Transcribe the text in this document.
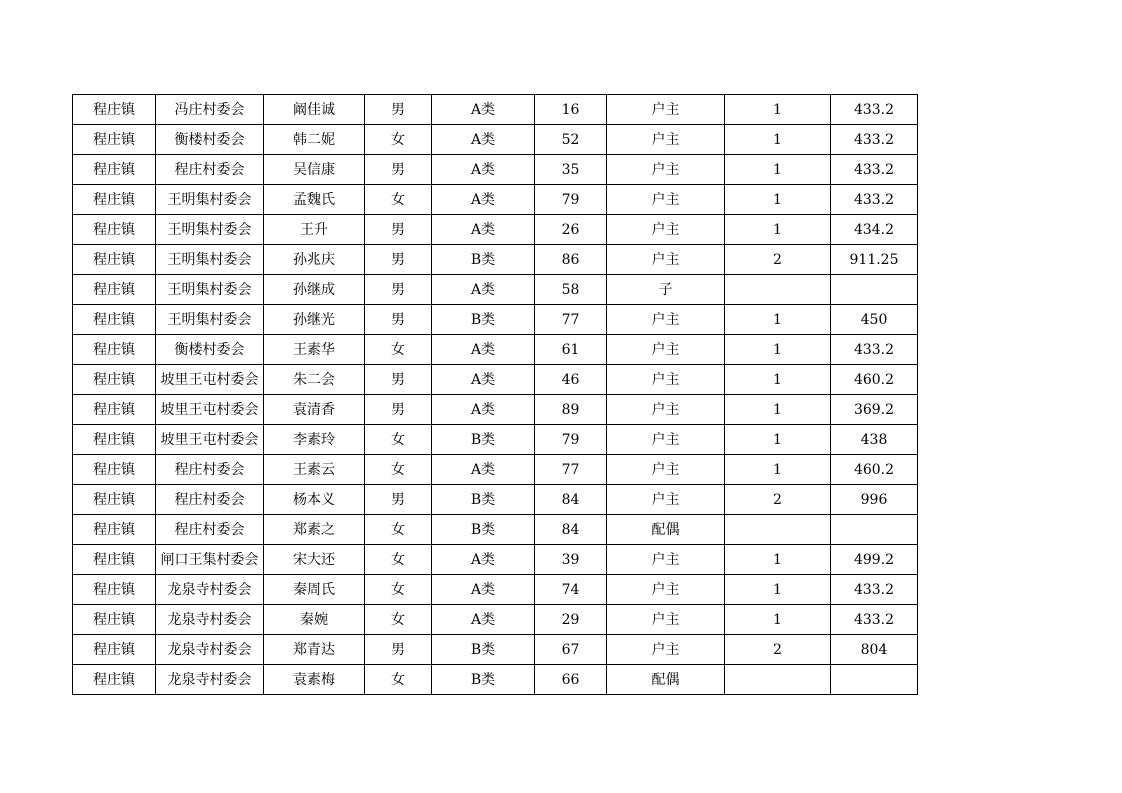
程庄镇	冯庄村委会	阚佳诚	男	A类	16	户主	1	433.2
程庄镇	衡楼村委会	韩二妮	女	A类	52	户主	1	433.2
程庄镇	程庄村委会	吴信康	男	A类	35	户主	1	433.2
程庄镇	王明集村委会	孟魏氏	女	A类	79	户主	1	433.2
程庄镇	王明集村委会	王升	男	A类	26	户主	1	434.2
程庄镇	王明集村委会	孙兆庆	男	B类	86	户主	2	911.25
程庄镇	王明集村委会	孙继成	男	A类	58	子		
程庄镇	王明集村委会	孙继光	男	B类	77	户主	1	450
程庄镇	衡楼村委会	王素华	女	A类	61	户主	1	433.2
程庄镇	坡里王屯村委会	朱二会	男	A类	46	户主	1	460.2
程庄镇	坡里王屯村委会	袁清香	男	A类	89	户主	1	369.2
程庄镇	坡里王屯村委会	李素玲	女	B类	79	户主	1	438
程庄镇	程庄村委会	王素云	女	A类	77	户主	1	460.2
程庄镇	程庄村委会	杨本义	男	B类	84	户主	2	996
程庄镇	程庄村委会	郑素之	女	B类	84	配偶		
程庄镇	闸口王集村委会	宋大还	女	A类	39	户主	1	499.2
程庄镇	龙泉寺村委会	秦周氏	女	A类	74	户主	1	433.2
程庄镇	龙泉寺村委会	秦婉	女	A类	29	户主	1	433.2
程庄镇	龙泉寺村委会	郑青达	男	B类	67	户主	2	804
程庄镇	龙泉寺村委会	袁素梅	女	B类	66	配偶		
